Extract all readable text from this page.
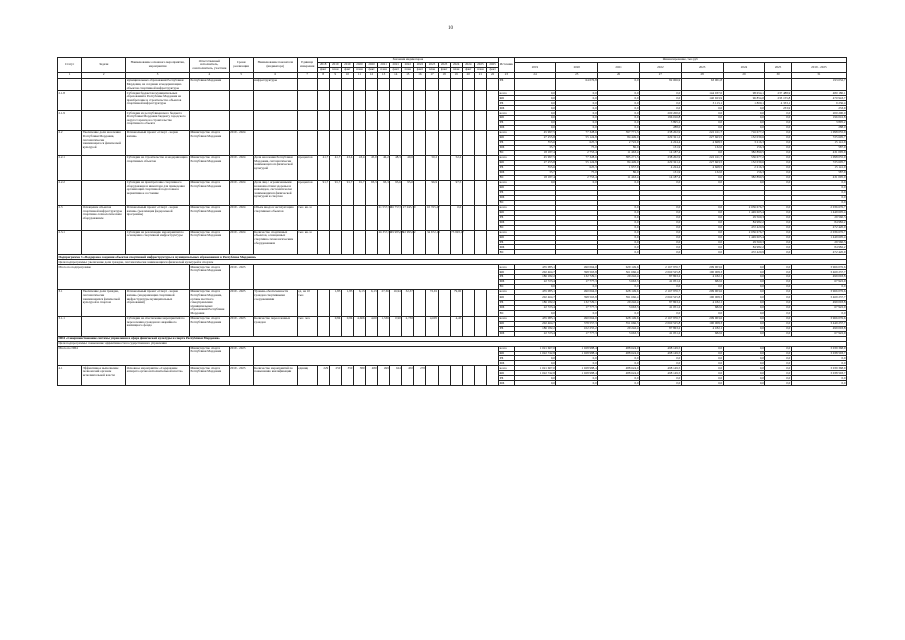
10
Статус	Задачи	Наименование основного мероприятия, мероприятия	Ответственный исполнитель, соисполнитель, участник	Сроки реализации	Наименование показателя (индикатора)	Единица измерения	Значения индикаторов															Источник	Финансирование, тыс.руб							
							2018	2019	2019	2020	2020	2021	2021	2022	2022	2023	2023	2024	2024	2025	2025		2019	2020	2021	2022	2023	2024	2025	2019 - 2025
							факт	план	факт	план	факт	план	факт	план	факт	план	факт	план	факт	план	факт									
1	2	3	4	5	6	7	8	9	10	11	12	13	14	15	16	17	18	19	20	21	22	23	24	25	26	27	28	29	30	31
		муниципальных образований Республики Мордовия, на создание и модернизацию объектов спортивной инфраструктуры	Республики Мордовия		инфраструктуры																	РБ		64 076,8	0,0	82 006,9	63 001,8			193 032,7
2.1.8		Субсидия бюджетам муниципальных образований в Республике Мордовия на приобретение и строительство объектов спортивной инфраструктуры																				всего	0,0	0,0	0,0	0,0	144 037,0	98 654,1	237 488,9	480 180,1
																						ФБ	0,0	0,0	0,0	0,0	140 923,9	96 854,0	233 155,8	470 943,7
																						РБ	0,0	0,0	0,0	0,0	3 113,1	1 800,1	4 333,1	9 236,4
																						МБ	0,0	0,0	0,0	0,0	0,0	0,0	233,9	233,9
2.1.9		Субсидии из республиканского бюджета Республики Мордовия бюджету городского округа Саранск на строительство спортивного объекта																				всего	0,0	0,0	0,0	200 200,0	0,0	0,0	0,0	200 200,0
																						ФБ	0,0	0,0	0,0	196 016,8	0,0	0,0	0,0	196 016,8
																						РБ	0,0	0,0	0,0	3 895,2	0,0	0,0	0,0	3 895,2
																						МБ	0,0	0,0	0,0	288,0	0,0	0,0	0,0	288,0
2.2	Увеличение доли населения Республики Мордовия, систематически занимающегося физической культурой	Региональный проект «Спорт - норма жизни»	Министерство спорта Республики Мордовия	2019 - 2024																		всего	45 997,5	77 328,6	397 771,3	238 202,9	222 161,7	716 677,2	0,0	1 098 055,9
																						ФБ	27 255,8	55 124,8	84 449,0	229 321,2	227 663,5	152 039,6	0,0	725 605,7
																						РБ	555,6	625,3	2 722,9	4 224,4	4 668,5	3 216,3	0,0	15 141,9
																						МБ	35,7	75,0	86,0	131,9	132,0	156,3	0,0	587,9
																						ВС	18 187,4	2 753,4	11 463,4	14 187,4	0,0	382 890,5	0,0	431 095,9
2.2.1		Субсидии на строительство и модернизацию спортивных объектов	Министерство спорта Республики Мордовия	2019 - 2024	Доля населения Республики Мордовия, систематически занимающегося физической культурой	процентов	41,7	41,7	43,4	43,4	45,0	46,2	48,3	49,0		50,2		52,2				всего	45 997,5	77 328,6	385 271,3	238 202,9	222 161,7	536 677,2	0,0	1 098 055,9
																						ФБ	27 255,8	55 124,8	84 449,0	229 321,2	227 663,5	152 039,6	0,0	725 605,7
																						РБ	555,6	625,3	1 957,9	4 224,4	4 668,5	2 216,3	0,0	15 141,9
																						МБ	35,7	75,0	86,0	131,9	132,0	156,3	0,0	587,9
																						ВС	18 187,4	2 753,4	11 463,4	14 187,4	0,0	382 890,5	0,0	431 095,9
2.2.2		Субсидии на приобретение спортивного оборудования и инвентаря для приведения организаций спортивной подготовки в нормативное состояние	Министерство спорта Республики Мордовия	2019 - 2024	Доля лиц с ограниченными возможностями здоровья и инвалидов, систематически занимающихся физической культурой и спортом	процентов	91,7	91,7	91,7	91,7	93,3	93,3	93,6	95,0		96,9		97,5				всего	0,0	0,0	0,0	0,0	0,0	0,0	0,0	0,0
																						ФБ								0,0
																						РБ								0,0
																						МБ								0,0
																						ВС								0,0
2.3	Оснащение объектов спортивной инфраструктуры спортивно-технологическим оборудованием	Региональный проект «Спорт - норма жизни» (реализация федеральной программы)	Министерство спорта Республики Мордовия	2019 - 2024	Объем ввода в эксплуатацию спортивных объектов	тыс. кв. м						21 557,79	26 757,9	27 045,79		10 765,27		0,0				всего			0,0	0,0	0,0	2 036 676,7	0,0	2 036 676,7
																						ФБ			0,0	0,0	0,0	1 449 605,4	0,0	1 449 605,4
																						РБ			0,0	0,0	0,0	29 560,3	0,0	29 560,3
																						МБ			0,0	0,0	0,0	84 982,2	0,0	84 982,2
																						ВС			0,0	0,0	0,0	472 420,9	0,0	472 420,9
2.3.1		Субсидии на реализацию мероприятий по оснащению спортивной инфраструктуры	Министерство спорта Республики Мордовия	2019 - 2024	Количество спортивных объектов, оснащенных спортивно-технологическим оборудованием	тыс. кв. м						26 357,79	29 983,98	22 993,82		34 672,13		73 993,17				всего			0,0	0,0	0,0	2 036 676,7	0,0	2 036 676,7
																						ФБ			0,0	0,0	0,0	1 449 605,4	0,0	1 449 605,4
																						РБ			0,0	0,0	0,0	29 560,3	0,0	29 560,3
																						МБ			0,0	0,0	0,0	84 982,2	0,0	84 982,2
																						ВС			0,0	0,0	0,0	472 420,9	0,0	472 420,9
Подпрограмма 3 «Поддержка создания объектов спортивной инфраструктуры в муниципальных образованиях в Республике Мордовия»																														
Цели подпрограммы: увеличение доли граждан, систематически занимающихся физической культурой и спортом																														
Итого по подпрограмме			Министерство спорта Республики Мордовия	2019 - 2025																		всего	435 085,1	490 064,0	629 149,6	2 167 976,7	209 903,6	0,0	0,0	3 966 076,6
																						ФБ	202 464,7	398 563,8	561 666,4	2 060 525,8	190 008,3	0,0	0,0	3 469 237,7
																						РБ	186 182,2	132 729,1	29 242,4	87 863,2	4 182,1	0,0	0,0	499 003,8
																						МБ	22 723,4	17 777,3	3 663,3	41 051,2	682,6	0,0	0,0	67 922,9
																						ВС	0,0	0,0	0,0	0,0	0,0	0,0	0,0	0,0
3.1	Увеличение доли граждан, систематически занимающихся физической культурой и спортом	Региональный проект «Спорт - норма жизни» (модернизация спортивной инфраструктуры муниципальных образований)	Министерство спорта Республики Мордовия, органы местного самоуправления муниципальных образований Республики Мордовия	2019 - 2025	Уровень обеспеченности граждан спортивными сооружениями	ед. на 10 тыс.		1,83	1,83	6,13	6,13	27,36	16,94	32,37		72,91		79,00				всего	435 085,1	490 064,0	628 149,6	2 167 976,7	209 903,6	0,0	0,0	3 966 076,6
																						ФБ	202 464,7	398 563,8	591 666,4	2 060 525,8	190 008,3	0,0	0,0	3 469 237,7
																						РБ	186 182,2	132 729,1	29 242,4	87 863,2	4 182,1	0,0	0,0	499 003,8
																						МБ	22 723,4	17 777,3	3 663,3	41 051,2	682,6	0,0	0,0	67 922,9
																						ВС	0,0	0,0	0,0	0,0	0,0	0,0	0,0	0,0
3.1.1		Субсидии на обеспечение мероприятий по переселению граждан из аварийного жилищного фонда	Министерство спорта Республики Мордовия	2019 - 2025	Количество переселенных граждан	тыс. чел.		0,84	0,84	4,666	4,60	1,336	0,90	2,730		4,695		4,45				всего	435 085,1	490 064,0	628 149,6	2 167 976,7	209 903,6	0,0	0,0	3 966 076,6
																						ФБ	202 464,7	378 557,3	551 666,3	2 060 525,8	190 008,3	0,0	0,0	3 449 237,7
																						РБ	186 182,2	102 255,2	29 242,4	87 863,2	4 182,1	0,0	0,0	499 003,8
																						МБ	22 723,4	17 777,3	3 663,3	41 051,2	682,6	0,0	0,0	67 922,9
ПП4 «Совершенствование системы управления в сфере физической культуры и спорта Республики Мордовия»																														
Цели подпрограммы: повышение эффективности государственного управления																														
Итого по ПП4			Министерство спорта Республики Мордовия	2019 - 2025																		всего	1 021 607,0	1 028 988,4	488 624,0	498 149,5	0,0	0,0	0,0	3 039 368,9
																						ФБ	1 022 742,8	1 028 988,4	488 624,0	498 149,5	0,0	0,0	0,0	3 038 503,7
																						РБ	0,0	0,0	0,0	0,0	0,0	0,0	0,0	0,0
																						МБ	0,0	0,0	0,0	0,0	0,0	0,0	0,0	0,0
4.1	Эффективное выполнение полномочий органом исполнительной власти	Основное мероприятие «Содержание аппарата органа исполнительной власти»	Министерство спорта Республики Мордовия	2019 - 2025	Количество мероприятий по повышению квалификации	единиц	229	250	350	380	480	499	624	450	270							всего	1 021 607,0	1 028 988,4	488 624,0	498 149,5	0,0	0,0	0,0	3 039 368,9
																						ФБ	1 022 742,8	1 028 988,4	488 624,0	498 149,5	0,0	0,0	0,0	3 038 503,7
																						РБ	0,0	0,0	0,0	0,0	0,0	0,0	0,0	0,0
																						МБ	0,0	0,0	0,0	0,0	0,0	0,0	0,0	0,0
